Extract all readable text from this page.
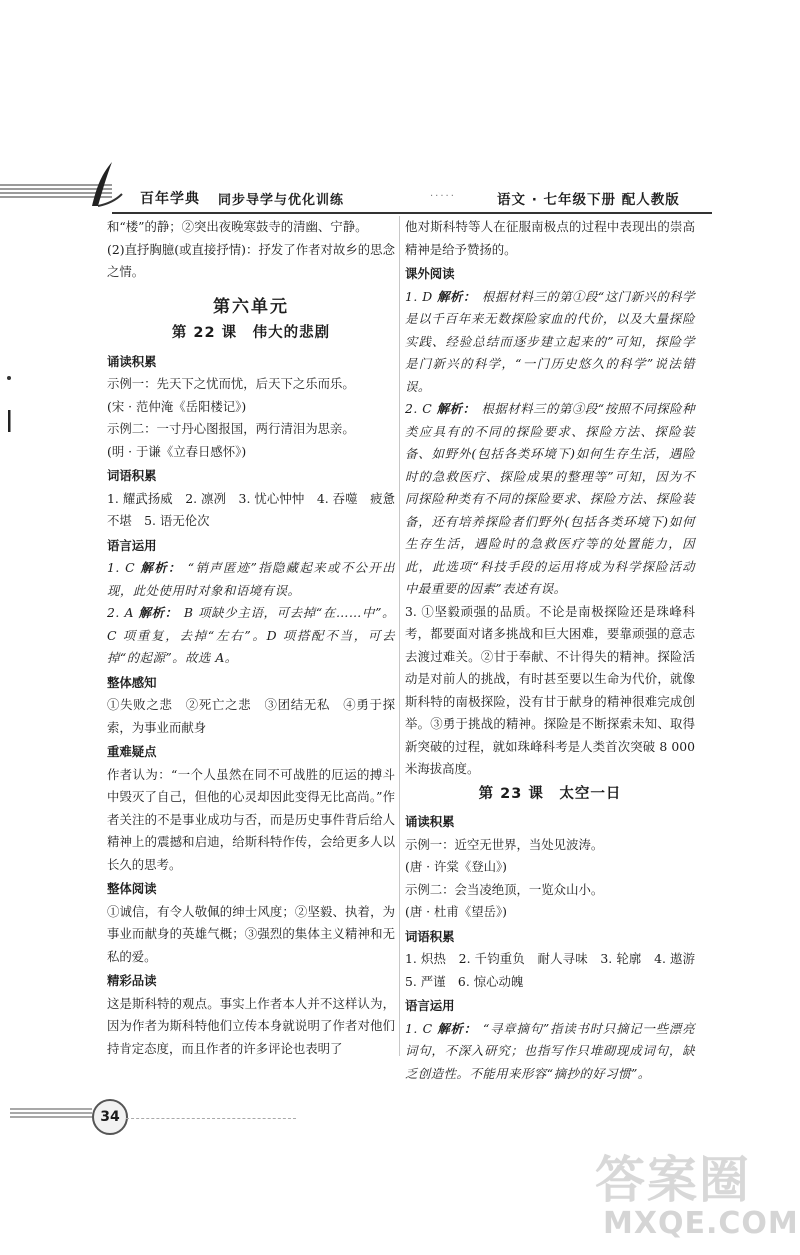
百年学典 同步导学与优化训练	·····	语文 · 七年级下册 配人教版

和“楼”的静；②突出夜晚寒鼓寺的清幽、宁静。

(2)直抒胸臆(或直接抒情)：抒发了作者对故乡的思念之情。

第六单元
第 22 课　伟大的悲剧
诵读积累

示例一：先天下之忧而忧，后天下之乐而乐。

(宋 · 范仲淹《岳阳楼记》)

示例二：一寸丹心图报国，两行清泪为思亲。

(明 · 于谦《立春日感怀》)

词语积累

1. 耀武扬威　2. 凛冽　3. 忧心忡忡　4. 吞噬　疲惫不堪　5. 语无伦次

语言运用

1. C 解析： “销声匿迹”指隐藏起来或不公开出现，此处使用时对象和语境有误。

2. A 解析： B 项缺少主语，可去掉“在……中”。C 项重复，去掉“左右”。D 项搭配不当，可去掉“的起源”。故选 A。

整体感知

①失败之悲　②死亡之悲　③团结无私　④勇于探索，为事业而献身

重难疑点

作者认为：“一个人虽然在同不可战胜的厄运的搏斗中毁灭了自己，但他的心灵却因此变得无比高尚。”作者关注的不是事业成功与否，而是历史事件背后给人精神上的震撼和启迪，给斯科特作传，会给更多人以长久的思考。

整体阅读

①诚信，有令人敬佩的绅士风度；②坚毅、执着，为事业而献身的英雄气概；③强烈的集体主义精神和无私的爱。

精彩品读

这是斯科特的观点。事实上作者本人并不这样认为，因为作者为斯科特他们立传本身就说明了作者对他们持肯定态度，而且作者的许多评论也表明了

他对斯科特等人在征服南极点的过程中表现出的崇高精神是给予赞扬的。

课外阅读

1. D 解析： 根据材料三的第①段“这门新兴的科学是以千百年来无数探险家血的代价，以及大量探险实践、经验总结而逐步建立起来的”可知，探险学是门新兴的科学，“一门历史悠久的科学”说法错误。

2. C 解析： 根据材料三的第③段“按照不同探险种类应具有的不同的探险要求、探险方法、探险装备、如野外(包括各类环境下)如何生存生活，遇险时的急救医疗、探险成果的整理等”可知，因为不同探险种类有不同的探险要求、探险方法、探险装备，还有培养探险者们野外(包括各类环境下)如何生存生活，遇险时的急救医疗等的处置能力，因此，此选项“科技手段的运用将成为科学探险活动中最重要的因素”表述有误。

3. ①坚毅顽强的品质。不论是南极探险还是珠峰科考，都要面对诸多挑战和巨大困难，要靠顽强的意志去渡过难关。②甘于奉献、不计得失的精神。探险活动是对前人的挑战，有时甚至要以生命为代价，就像斯科特的南极探险，没有甘于献身的精神很难完成创举。③勇于挑战的精神。探险是不断探索未知、取得新突破的过程，就如珠峰科考是人类首次突破 8 000 米海拔高度。

第 23 课　太空一日
诵读积累

示例一：近空无世界，当处见波涛。

(唐 · 许棠《登山》)

示例二：会当凌绝顶，一览众山小。

(唐 · 杜甫《望岳》)

词语积累

1. 炽热　2. 千钧重负　耐人寻味　3. 轮廓　4. 遨游　5. 严谨　6. 惊心动魄

语言运用

1. C 解析： “寻章摘句”指读书时只摘记一些漂亮词句，不深入研究；也指写作只堆砌现成词句，缺乏创造性。不能用来形容“摘抄的好习惯”。

34
答案圈
MXQE.COM
